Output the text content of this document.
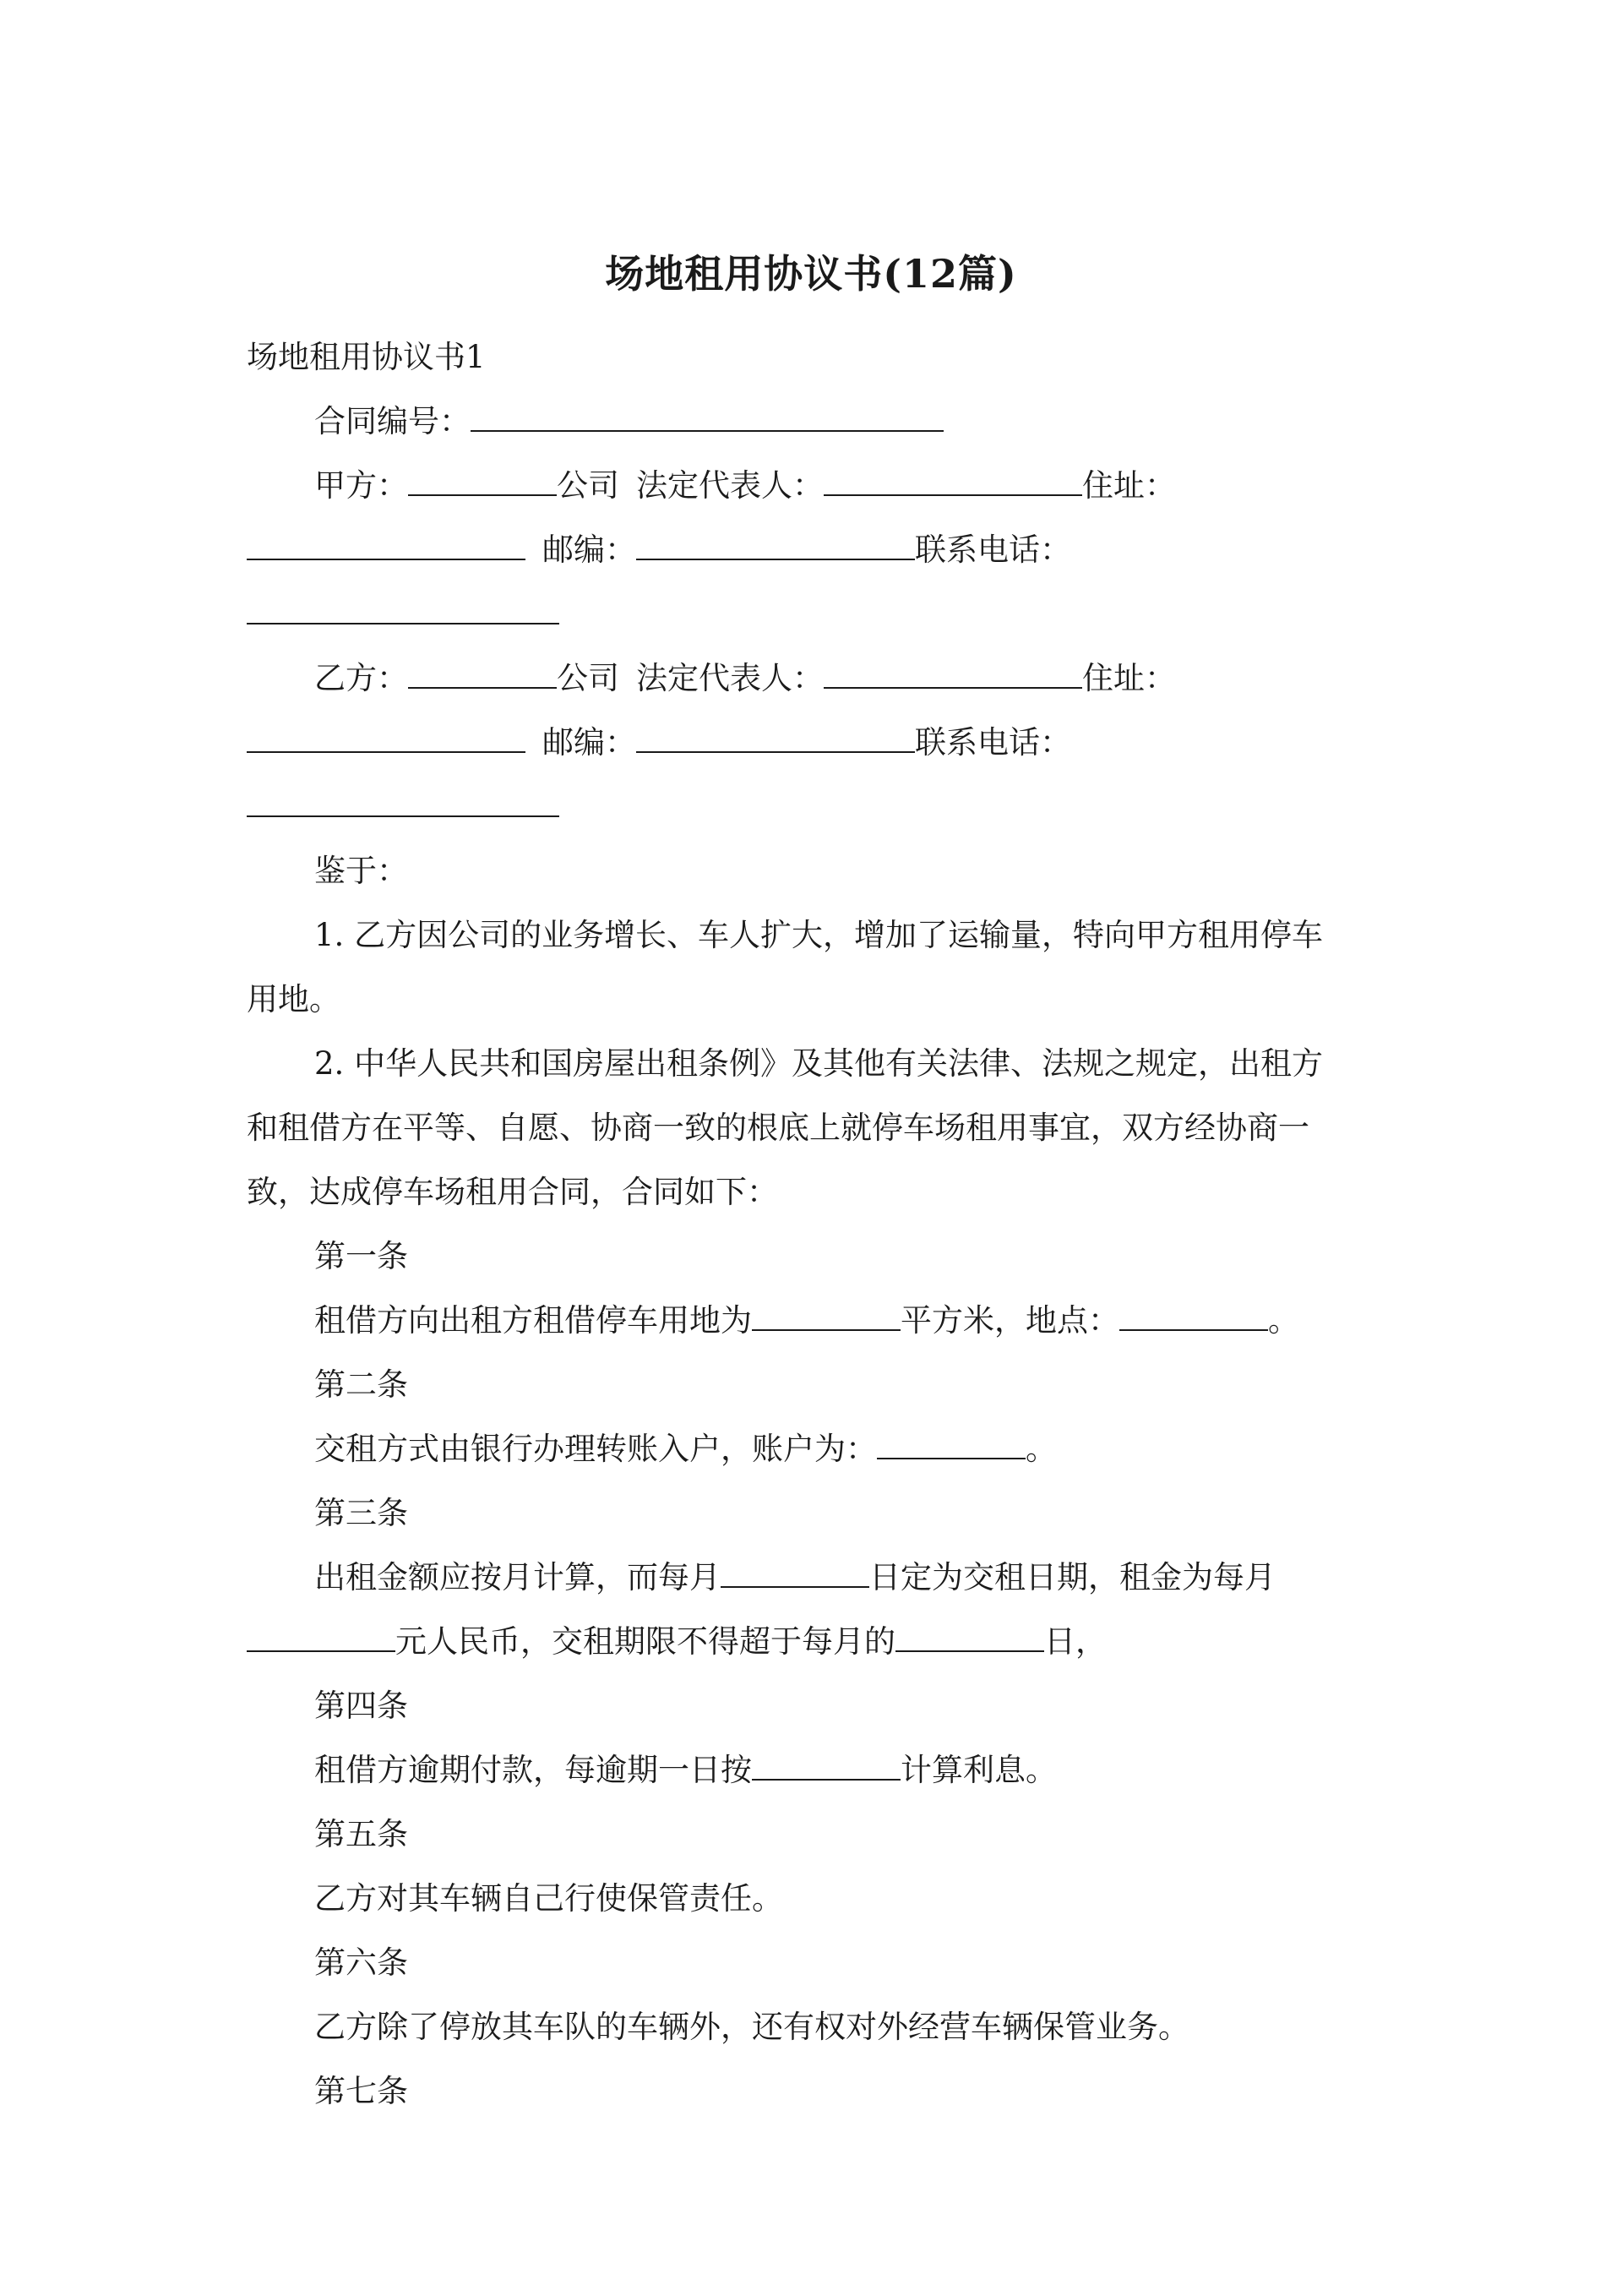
场地租用协议书(12篇)
场地租用协议书1
合同编号：
甲方：	公司 法定代表人：	住址：
邮编：	联系电话：
乙方：	公司 法定代表人：	住址：
邮编：	联系电话：
鉴于：
1. 乙方因公司的业务增长、车人扩大，增加了运输量，特向甲方租用停车
用地。
2. 中华人民共和国房屋出租条例》及其他有关法律、法规之规定，出租方
和租借方在平等、自愿、协商一致的根底上就停车场租用事宜，双方经协商一
致，达成停车场租用合同，合同如下：
第一条
租借方向出租方租借停车用地为	平方米，地点：	。
第二条
交租方式由银行办理转账入户，账户为：	。
第三条
出租金额应按月计算，而每月	日定为交租日期，租金为每月
元人民币，交租期限不得超于每月的	日，
第四条
租借方逾期付款，每逾期一日按	计算利息。
第五条
乙方对其车辆自己行使保管责任。
第六条
乙方除了停放其车队的车辆外，还有权对外经营车辆保管业务。
第七条
